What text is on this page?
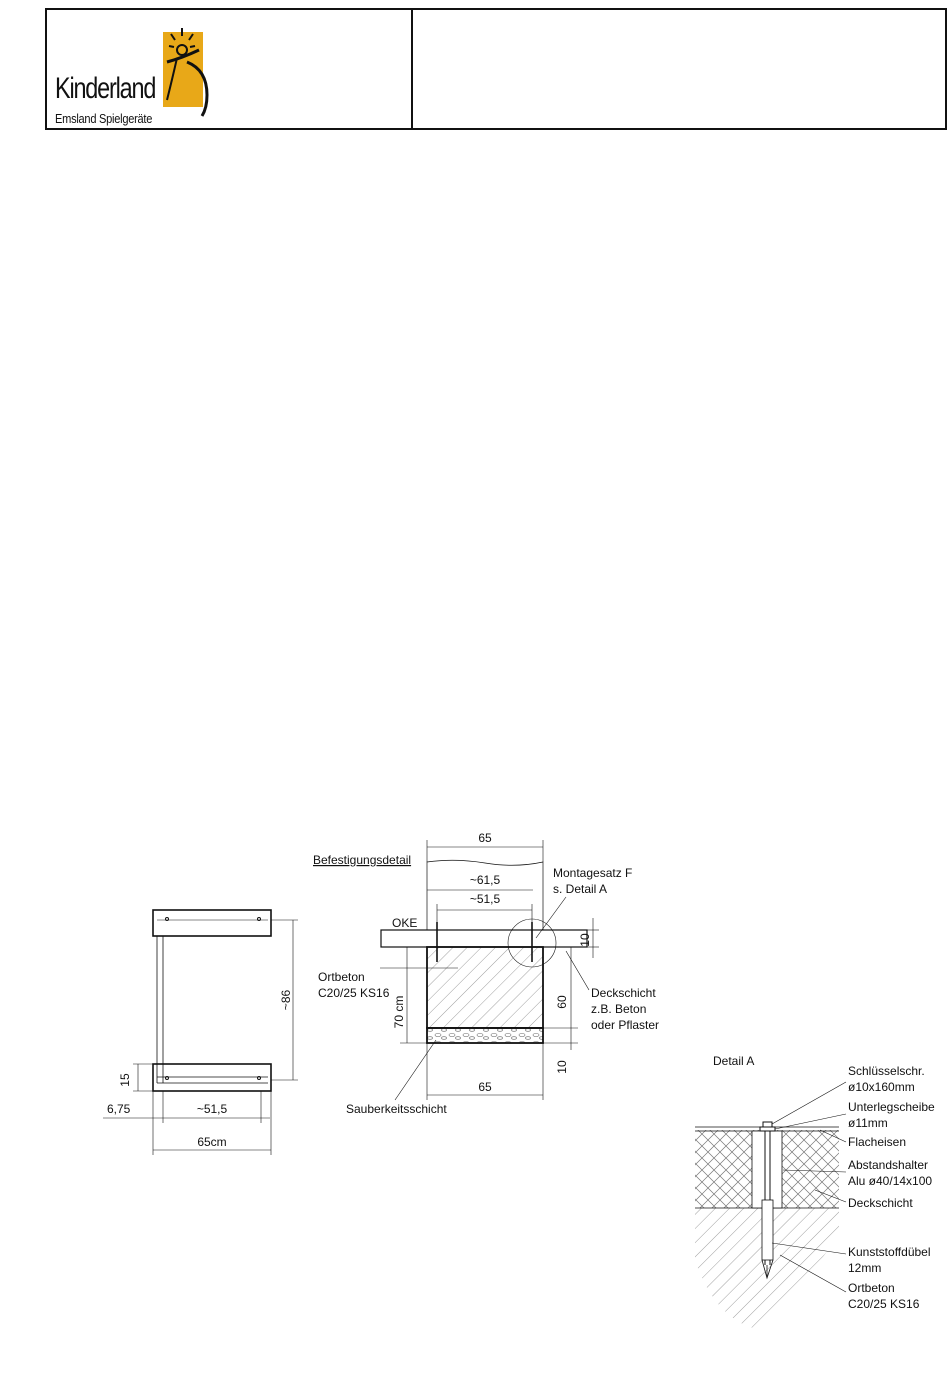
Kinderland
Emsland Spielgeräte
~86
15
6,75	~51,5
65cm
Befestigungsdetail
65
~61,5
~51,5
OKE
Montagesatz F
s. Detail A
10
Ortbeton
C20/25 KS16	Deckschicht
z.B. Beton
oder Pflaster
60
70 cm
10
65
Sauberkeitsschicht
Detail A
Schlüsselschr.
ø10x160mm
Unterlegscheibe
ø11mm
Flacheisen
Abstandshalter
Alu ø40/14x100
Deckschicht
Kunststoffdübel
12mm
Ortbeton
C20/25 KS16
